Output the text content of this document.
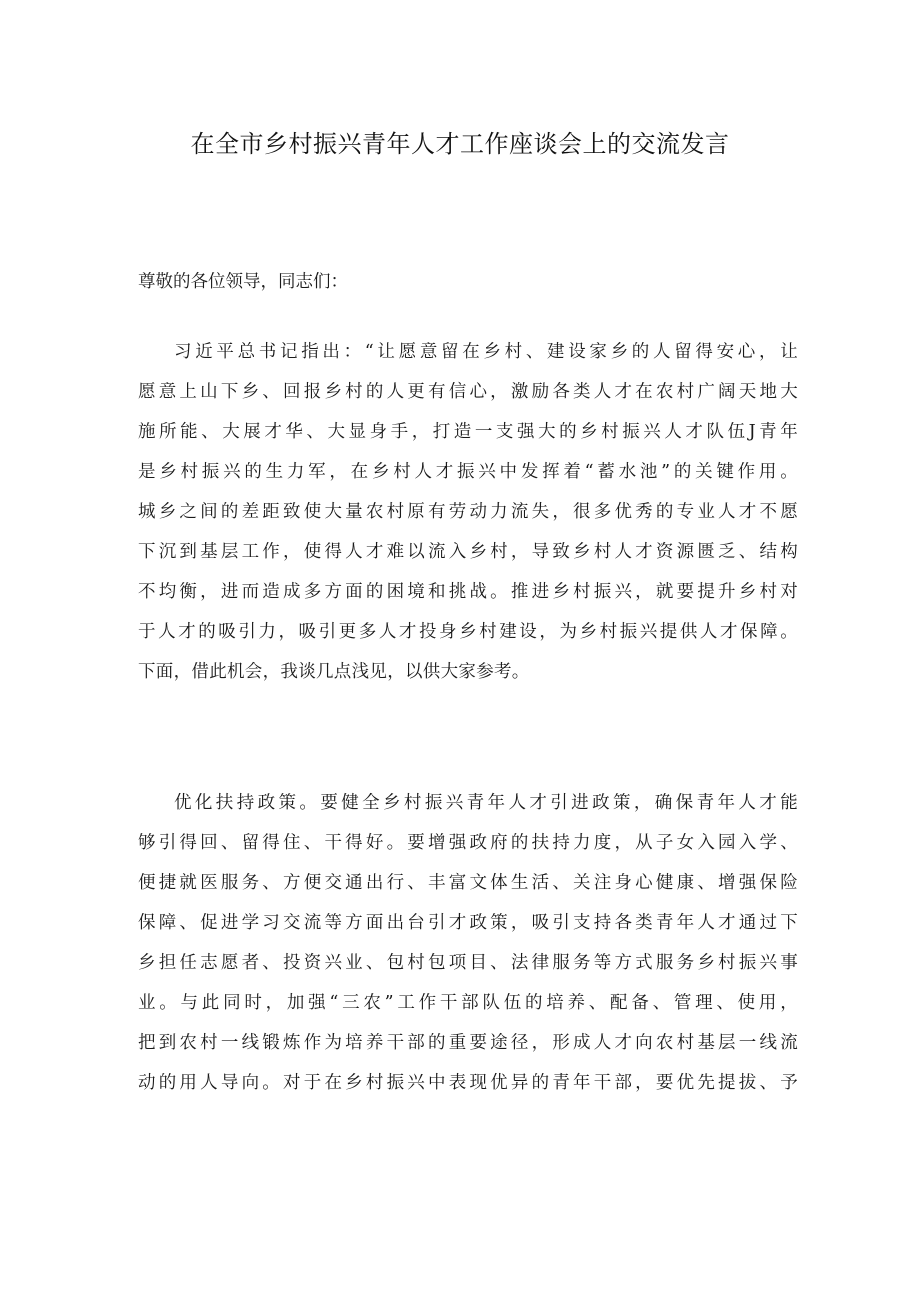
在全市乡村振兴青年人才工作座谈会上的交流发言

尊敬的各位领导，同志们：

习近平总书记指出：“让愿意留在乡村、建设家乡的人留得安心，让
愿意上山下乡、回报乡村的人更有信心，激励各类人才在农村广阔天地大
施所能、大展才华、大显身手，打造一支强大的乡村振兴人才队伍J青年
是乡村振兴的生力军，在乡村人才振兴中发挥着“蓄水池”的关键作用。
城乡之间的差距致使大量农村原有劳动力流失，很多优秀的专业人才不愿
下沉到基层工作，使得人才难以流入乡村，导致乡村人才资源匮乏、结构
不均衡，进而造成多方面的困境和挑战。推进乡村振兴，就要提升乡村对
于人才的吸引力，吸引更多人才投身乡村建设，为乡村振兴提供人才保障。
下面，借此机会，我谈几点浅见，以供大家参考。
优化扶持政策。要健全乡村振兴青年人才引进政策，确保青年人才能
够引得回、留得住、干得好。要增强政府的扶持力度，从子女入园入学、
便捷就医服务、方便交通出行、丰富文体生活、关注身心健康、增强保险
保障、促进学习交流等方面出台引才政策，吸引支持各类青年人才通过下
乡担任志愿者、投资兴业、包村包项目、法律服务等方式服务乡村振兴事
业。与此同时，加强“三农”工作干部队伍的培养、配备、管理、使用，
把到农村一线锻炼作为培养干部的重要途径，形成人才向农村基层一线流
动的用人导向。对于在乡村振兴中表现优异的青年干部，要优先提拔、予
